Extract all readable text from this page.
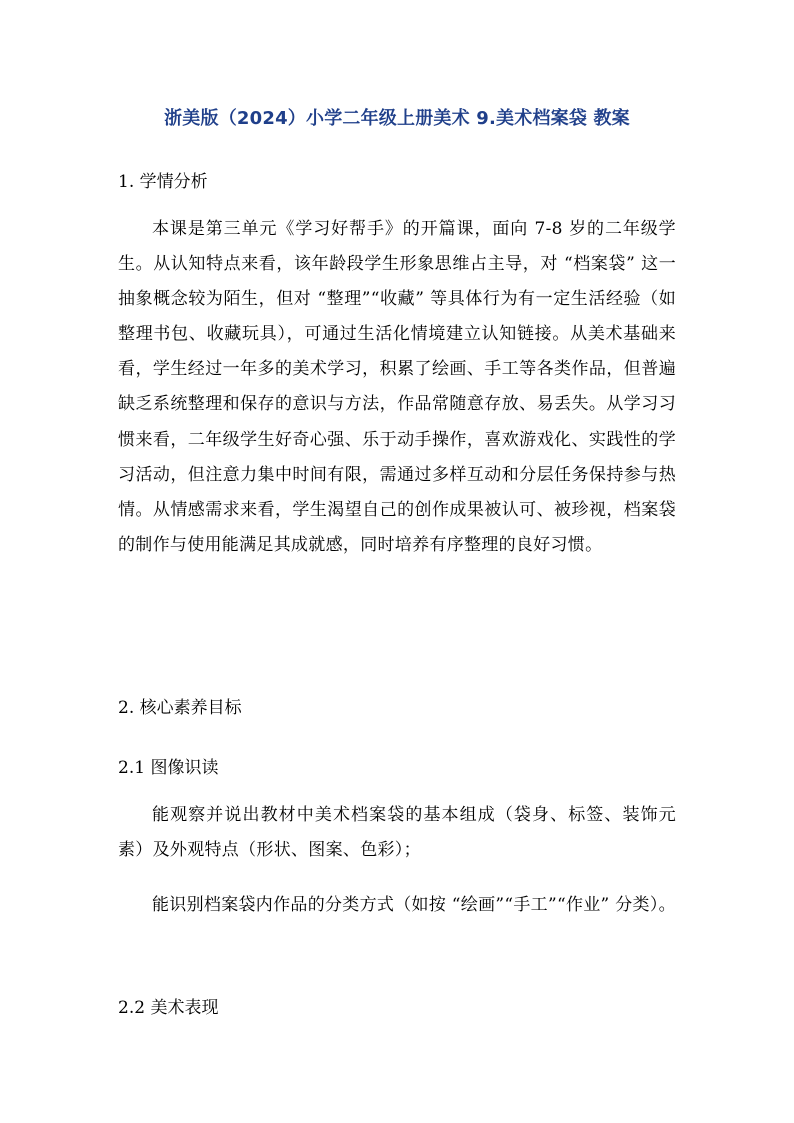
浙美版（2024）小学二年级上册美术 9.美术档案袋 教案
1. 学情分析
本课是第三单元《学习好帮手》的开篇课，面向 7-8 岁的二年级学生。从认知特点来看，该年龄段学生形象思维占主导，对 “档案袋” 这一抽象概念较为陌生，但对 “整理”“收藏” 等具体行为有一定生活经验（如整理书包、收藏玩具），可通过生活化情境建立认知链接。从美术基础来看，学生经过一年多的美术学习，积累了绘画、手工等各类作品，但普遍缺乏系统整理和保存的意识与方法，作品常随意存放、易丢失。从学习习惯来看，二年级学生好奇心强、乐于动手操作，喜欢游戏化、实践性的学习活动，但注意力集中时间有限，需通过多样互动和分层任务保持参与热情。从情感需求来看，学生渴望自己的创作成果被认可、被珍视，档案袋的制作与使用能满足其成就感，同时培养有序整理的良好习惯。
2. 核心素养目标
2.1 图像识读
能观察并说出教材中美术档案袋的基本组成（袋身、标签、装饰元素）及外观特点（形状、图案、色彩）；
能识别档案袋内作品的分类方式（如按 “绘画”“手工”“作业” 分类）。
2.2 美术表现
